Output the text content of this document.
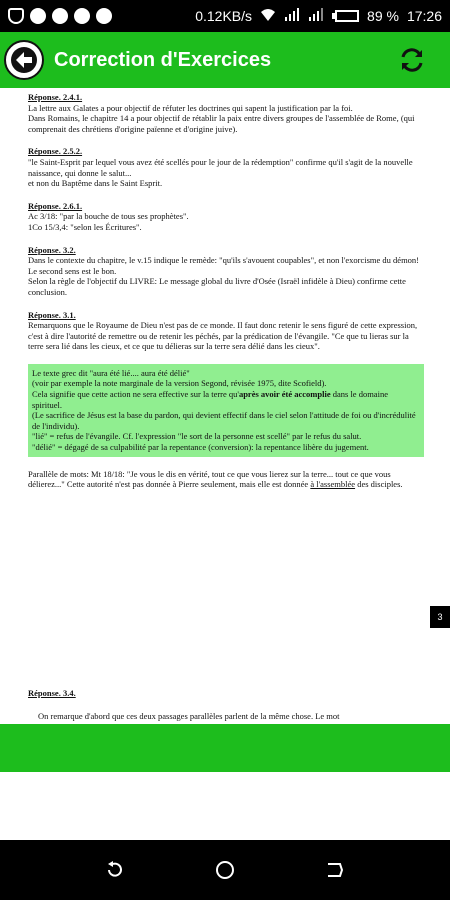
0.12KB/s	89 % 17:26
Correction d'Exercices
Réponse. 2.4.1.
La lettre aux Galates a pour objectif de réfuter les doctrines qui sapent la justification par la foi.
Dans Romains, le chapitre 14 a pour objectif de rétablir la paix entre divers groupes de l'assemblée de Rome, (qui comprenait des chrétiens d'origine païenne et d'origine juive).
Réponse. 2.5.2.
"le Saint-Esprit par lequel vous avez été scellés pour le jour de la rédemption" confirme qu'il s'agit de la nouvelle naissance, qui donne le salut...
et non du Baptême dans le Saint Esprit.
Réponse. 2.6.1.
Ac 3/18: "par la bouche de tous ses prophètes".
1Co 15/3,4: "selon les Écritures".
Réponse. 3.2.
Dans le contexte du chapitre, le v.15 indique le remède: "qu'ils s'avouent coupables", et non l'exorcisme du démon!
Le second sens est le bon.
Selon la règle de l'objectif du LIVRE: Le message global du livre d'Osée (Israël infidèle à Dieu) confirme cette conclusion.
Réponse. 3.1.
Remarquons que le Royaume de Dieu n'est pas de ce monde. Il faut donc retenir le sens figuré de cette expression, c'est à dire l'autorité de remettre ou de retenir les péchés, par la prédication de l'évangile. "Ce que tu lieras sur la terre sera lié dans les cieux, et ce que tu délieras sur la terre sera délié dans les cieux".
Le texte grec dit "aura été lié.... aura été délié"
(voir par exemple la note marginale de la version Segond, révisée 1975, dite Scofield).
Cela signifie que cette action ne sera effective sur la terre qu'après avoir été accomplie dans le domaine spirituel.
(Le sacrifice de Jésus est la base du pardon, qui devient effectif dans le ciel selon l'attitude de foi ou d'incrédulité de l'individu).
"lié" = refus de l'évangile. Cf. l'expression "le sort de la personne est scellé" par le refus du salut.
"délié" = dégagé de sa culpabilité par la repentance (conversion): la repentance libère du jugement.
Parallèle de mots: Mt 18/18: "Je vous le dis en vérité, tout ce que vous lierez sur la terre... tout ce que vous délierez..." Cette autorité n'est pas donnée à Pierre seulement, mais elle est donnée à l'assemblée des disciples.
3
Réponse. 3.4.
On remarque d'abord que ces deux passages parallèles parlent de la même chose. Le mot
